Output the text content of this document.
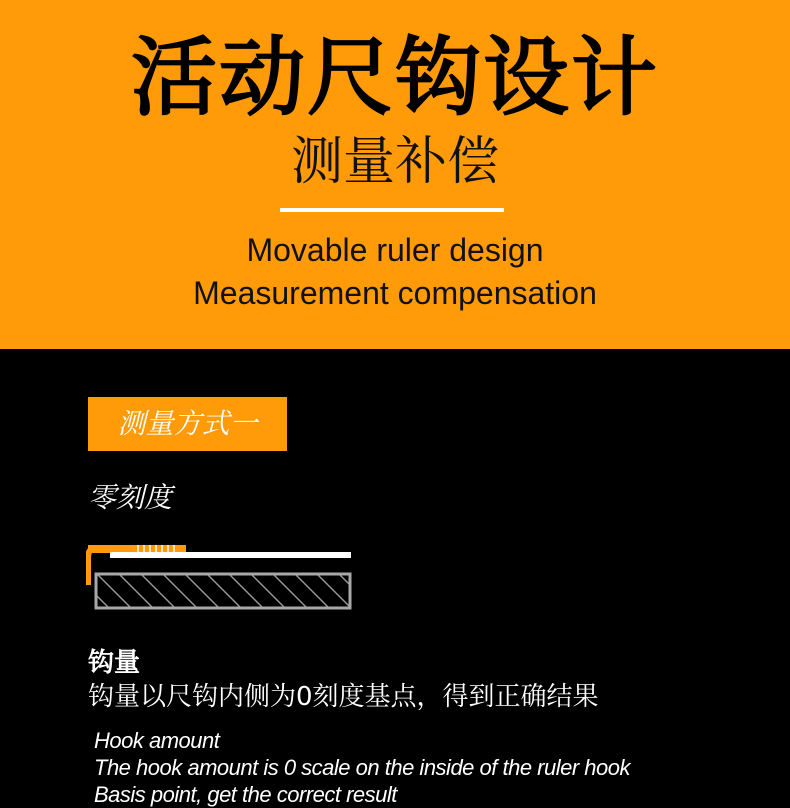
活动尺钩设计
测量补偿
Movable ruler design
Measurement compensation
测量方式一
零刻度
钩量
钩量以尺钩内侧为0刻度基点，得到正确结果
Hook amount
The hook amount is 0 scale on the inside of the ruler hook
Basis point, get the correct result
